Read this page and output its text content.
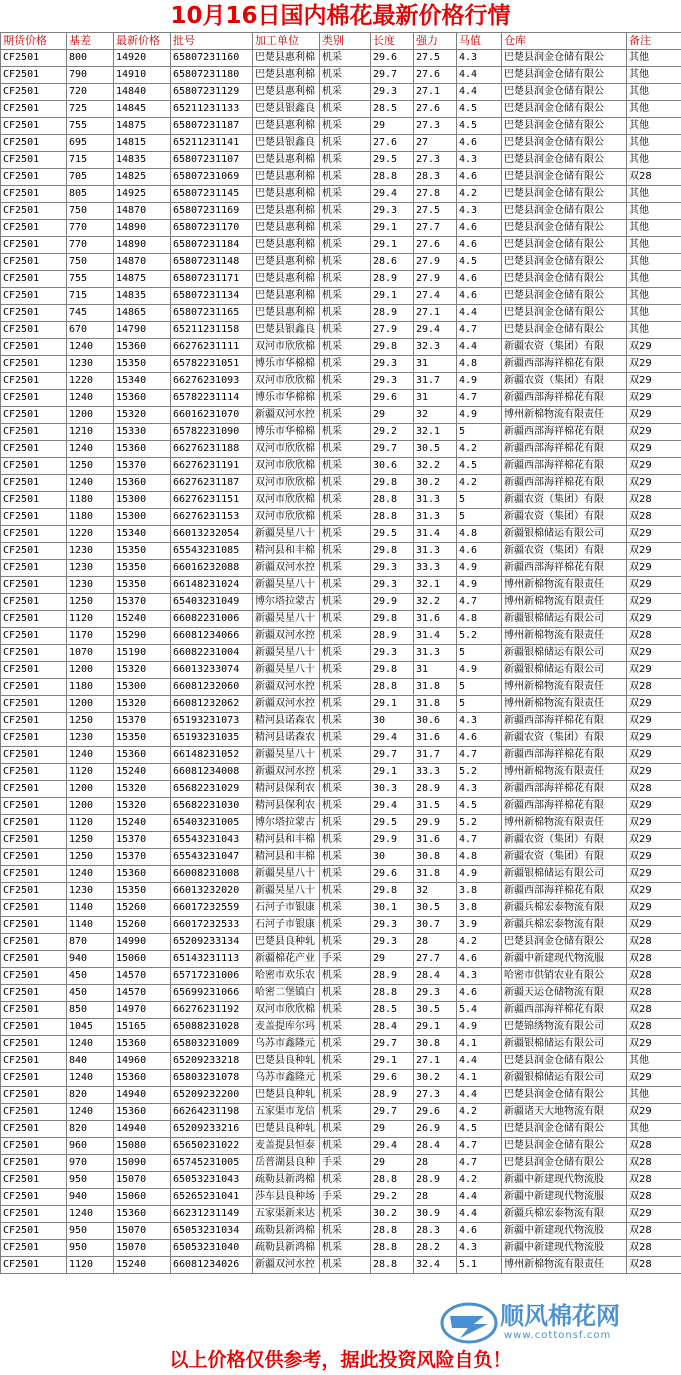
10月16日国内棉花最新价格行情
期货价格	基差	最新价格	批号	加工单位	类别	长度	强力	马值	仓库	备注
CF2501	800	14920	65807231160	巴楚县惠利棉	机采	29.6	27.5	4.3	巴楚县润金仓储有限公	其他
CF2501	790	14910	65807231180	巴楚县惠利棉	机采	29.7	27.6	4.4	巴楚县润金仓储有限公	其他
CF2501	720	14840	65807231129	巴楚县惠利棉	机采	29.3	27.1	4.4	巴楚县润金仓储有限公	其他
CF2501	725	14845	65211231133	巴楚县银鑫良	机采	28.5	27.6	4.5	巴楚县润金仓储有限公	其他
CF2501	755	14875	65807231187	巴楚县惠利棉	机采	29	27.3	4.5	巴楚县润金仓储有限公	其他
CF2501	695	14815	65211231141	巴楚县银鑫良	机采	27.6	27	4.6	巴楚县润金仓储有限公	其他
CF2501	715	14835	65807231107	巴楚县惠利棉	机采	29.5	27.3	4.3	巴楚县润金仓储有限公	其他
CF2501	705	14825	65807231069	巴楚县惠利棉	机采	28.8	28.3	4.6	巴楚县润金仓储有限公	双28
CF2501	805	14925	65807231145	巴楚县惠利棉	机采	29.4	27.8	4.2	巴楚县润金仓储有限公	其他
CF2501	750	14870	65807231169	巴楚县惠利棉	机采	29.3	27.5	4.3	巴楚县润金仓储有限公	其他
CF2501	770	14890	65807231170	巴楚县惠利棉	机采	29.1	27.7	4.6	巴楚县润金仓储有限公	其他
CF2501	770	14890	65807231184	巴楚县惠利棉	机采	29.1	27.6	4.6	巴楚县润金仓储有限公	其他
CF2501	750	14870	65807231148	巴楚县惠利棉	机采	28.6	27.9	4.5	巴楚县润金仓储有限公	其他
CF2501	755	14875	65807231171	巴楚县惠利棉	机采	28.9	27.9	4.6	巴楚县润金仓储有限公	其他
CF2501	715	14835	65807231134	巴楚县惠利棉	机采	29.1	27.4	4.6	巴楚县润金仓储有限公	其他
CF2501	745	14865	65807231165	巴楚县惠利棉	机采	28.9	27.1	4.4	巴楚县润金仓储有限公	其他
CF2501	670	14790	65211231158	巴楚县银鑫良	机采	27.9	29.4	4.7	巴楚县润金仓储有限公	其他
CF2501	1240	15360	66276231111	双河市欣欣棉	机采	29.8	32.3	4.4	新疆农资（集团）有限	双29
CF2501	1230	15350	65782231051	博乐市华棉棉	机采	29.3	31	4.8	新疆西部海祥棉花有限	双29
CF2501	1220	15340	66276231093	双河市欣欣棉	机采	29.3	31.7	4.9	新疆农资（集团）有限	双29
CF2501	1240	15360	65782231114	博乐市华棉棉	机采	29.6	31	4.7	新疆西部海祥棉花有限	双29
CF2501	1200	15320	66016231070	新疆双河水控	机采	29	32	4.9	博州新棉物流有限责任	双29
CF2501	1210	15330	65782231090	博乐市华棉棉	机采	29.2	32.1	5	新疆西部海祥棉花有限	双29
CF2501	1240	15360	66276231188	双河市欣欣棉	机采	29.7	30.5	4.2	新疆西部海祥棉花有限	双29
CF2501	1250	15370	66276231191	双河市欣欣棉	机采	30.6	32.2	4.5	新疆西部海祥棉花有限	双29
CF2501	1240	15360	66276231187	双河市欣欣棉	机采	29.8	30.2	4.2	新疆西部海祥棉花有限	双29
CF2501	1180	15300	66276231151	双河市欣欣棉	机采	28.8	31.3	5	新疆农资（集团）有限	双28
CF2501	1180	15300	66276231153	双河市欣欣棉	机采	28.8	31.3	5	新疆农资（集团）有限	双28
CF2501	1220	15340	66013232054	新疆昊星八十	机采	29.5	31.4	4.8	新疆银棉储运有限公司	双29
CF2501	1230	15350	65543231085	精河县和丰棉	机采	29.8	31.3	4.6	新疆农资（集团）有限	双29
CF2501	1230	15350	66016232088	新疆双河水控	机采	29.3	33.3	4.9	新疆西部海祥棉花有限	双29
CF2501	1230	15350	66148231024	新疆昊星八十	机采	29.3	32.1	4.9	博州新棉物流有限责任	双29
CF2501	1250	15370	65403231049	博尔塔拉蒙古	机采	29.9	32.2	4.7	博州新棉物流有限责任	双29
CF2501	1120	15240	66082231006	新疆昊星八十	机采	29.8	31.6	4.8	新疆银棉储运有限公司	双29
CF2501	1170	15290	66081234066	新疆双河水控	机采	28.9	31.4	5.2	博州新棉物流有限责任	双28
CF2501	1070	15190	66082231004	新疆昊星八十	机采	29.3	31.3	5	新疆银棉储运有限公司	双29
CF2501	1200	15320	66013233074	新疆昊星八十	机采	29.8	31	4.9	新疆银棉储运有限公司	双29
CF2501	1180	15300	66081232060	新疆双河水控	机采	28.8	31.8	5	博州新棉物流有限责任	双28
CF2501	1200	15320	66081232062	新疆双河水控	机采	29.1	31.8	5	博州新棉物流有限责任	双29
CF2501	1250	15370	65193231073	精河县诺森农	机采	30	30.6	4.3	新疆西部海祥棉花有限	双29
CF2501	1230	15350	65193231035	精河县诺森农	机采	29.4	31.6	4.6	新疆农资（集团）有限	双29
CF2501	1240	15360	66148231052	新疆昊星八十	机采	29.7	31.7	4.7	新疆西部海祥棉花有限	双29
CF2501	1120	15240	66081234008	新疆双河水控	机采	29.1	33.3	5.2	博州新棉物流有限责任	双29
CF2501	1200	15320	65682231029	精河县保利农	机采	30.3	28.9	4.3	新疆西部海祥棉花有限	双28
CF2501	1200	15320	65682231030	精河县保利农	机采	29.4	31.5	4.5	新疆西部海祥棉花有限	双29
CF2501	1120	15240	65403231005	博尔塔拉蒙古	机采	29.5	29.9	5.2	博州新棉物流有限责任	双29
CF2501	1250	15370	65543231043	精河县和丰棉	机采	29.9	31.6	4.7	新疆农资（集团）有限	双29
CF2501	1250	15370	65543231047	精河县和丰棉	机采	30	30.8	4.8	新疆农资（集团）有限	双29
CF2501	1240	15360	66008231008	新疆昊星八十	机采	29.6	31.8	4.9	新疆银棉储运有限公司	双29
CF2501	1230	15350	66013232020	新疆昊星八十	机采	29.8	32	3.8	新疆西部海祥棉花有限	双29
CF2501	1140	15260	66017232559	石河子市银康	机采	30.1	30.5	3.8	新疆兵棉宏泰物流有限	双29
CF2501	1140	15260	66017232533	石河子市银康	机采	29.3	30.7	3.9	新疆兵棉宏泰物流有限	双29
CF2501	870	14990	65209233134	巴楚县良种轧	机采	29.3	28	4.2	巴楚县润金仓储有限公	双28
CF2501	940	15060	65143231113	新疆棉花产业	手采	29	27.7	4.6	新疆中新建现代物流服	双28
CF2501	450	14570	65717231006	哈密市欢乐农	机采	28.9	28.4	4.3	哈密市供销农业有限公	双28
CF2501	450	14570	65699231066	哈密二堡镇白	机采	28.8	29.3	4.6	新疆天运仓储物流有限	双28
CF2501	850	14970	66276231192	双河市欣欣棉	机采	28.5	30.5	5.4	新疆西部海祥棉花有限	双28
CF2501	1045	15165	65088231028	麦盖提库尔玛	机采	28.4	29.1	4.9	巴楚锦绣物流有限公司	双28
CF2501	1240	15360	65803231009	乌苏市鑫隆元	机采	29.7	30.8	4.1	新疆银棉储运有限公司	双29
CF2501	840	14960	65209233218	巴楚县良种轧	机采	29.1	27.1	4.4	巴楚县润金仓储有限公	其他
CF2501	1240	15360	65803231078	乌苏市鑫隆元	机采	29.6	30.2	4.1	新疆银棉储运有限公司	双29
CF2501	820	14940	65209232200	巴楚县良种轧	机采	28.9	27.3	4.4	巴楚县润金仓储有限公	其他
CF2501	1240	15360	66264231198	五家渠市龙信	机采	29.7	29.6	4.2	新疆诸天大地物流有限	双29
CF2501	820	14940	65209233216	巴楚县良种轧	机采	29	26.9	4.5	巴楚县润金仓储有限公	其他
CF2501	960	15080	65650231022	麦盖提县恒泰	机采	29.4	28.4	4.7	巴楚县润金仓储有限公	双28
CF2501	970	15090	65745231005	岳普湖县良种	手采	29	28	4.7	巴楚县润金仓储有限公	双28
CF2501	950	15070	65053231043	疏勒县新鸿棉	机采	28.8	28.9	4.2	新疆中新建现代物流股	双28
CF2501	940	15060	65265231041	莎车县良种场	手采	29.2	28	4.4	新疆中新建现代物流服	双28
CF2501	1240	15360	66231231149	五家渠新来达	机采	30.2	30.9	4.4	新疆兵棉宏泰物流有限	双29
CF2501	950	15070	65053231034	疏勒县新鸿棉	机采	28.8	28.3	4.6	新疆中新建现代物流股	双28
CF2501	950	15070	65053231040	疏勒县新鸿棉	机采	28.8	28.2	4.3	新疆中新建现代物流股	双28
CF2501	1120	15240	66081234026	新疆双河水控	机采	28.8	32.4	5.1	博州新棉物流有限责任	双28
顺风棉花网
www.cottonsf.com
以上价格仅供参考，据此投资风险自负！
